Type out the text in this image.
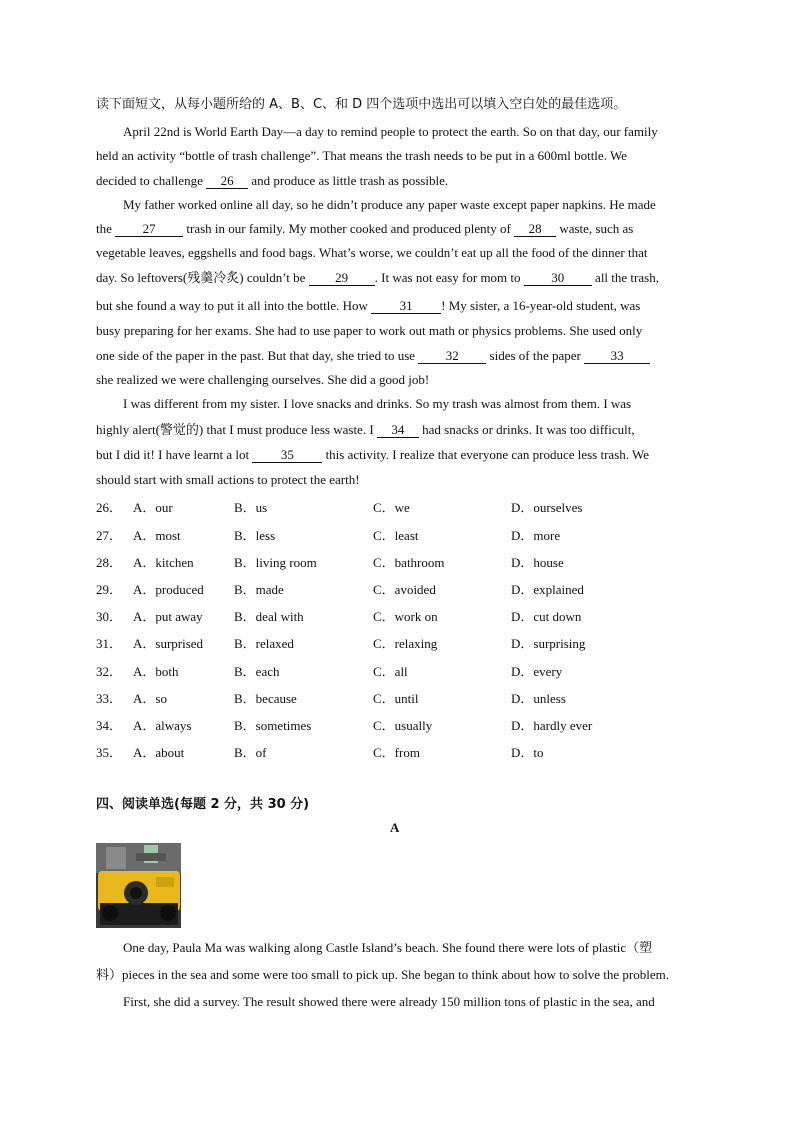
读下面短文，从每小题所给的 A、B、C、和 D 四个选项中选出可以填入空白处的最佳选项。
April 22nd is World Earth Day—a day to remind people to protect the earth. So on that day, our family
held an activity “bottle of trash challenge”. That means the trash needs to be put in a 600ml bottle. We
decided to challenge 26 and produce as little trash as possible.
My father worked online all day, so he didn’t produce any paper waste except paper napkins. He made
the 27 trash in our family. My mother cooked and produced plenty of 28 waste, such as
vegetable leaves, eggshells and food bags. What’s worse, we couldn’t eat up all the food of the dinner that
day. So leftovers(残羹冷炙) couldn’t be 29 . It was not easy for mom to 30 all the trash,
but she found a way to put it all into the bottle. How 31 ! My sister, a 16-year-old student, was
busy preparing for her exams. She had to use paper to work out math or physics problems. She used only
one side of the paper in the past. But that day, she tried to use 32 sides of the paper 33
she realized we were challenging ourselves. She did a good job!
I was different from my sister. I love snacks and drinks. So my trash was almost from them. I was
highly alert(警觉的) that I must produce less waste. I 34 had snacks or drinks. It was too difficult,
but I did it! I have learnt a lot 35 this activity. I realize that everyone can produce less trash. We
should start with small actions to protect the earth!
26． A．our	B．us	C．we	D．ourselves
27． A．most	B．less	C．least	D．more
28． A．kitchen	B．living room	C．bathroom	D．house
29． A．produced B．made	C．avoided	D．explained
30． A．put away B．deal with	C．work on	D．cut down
31． A．surprised B．relaxed	C．relaxing	D．surprising
32． A．both	B．each	C．all	D．every
33． A．so	B．because	C．until	D．unless
34． A．always	B．sometimes	C．usually	D．hardly ever
35． A．about	B．of	C．from	D．to
四、阅读单选(每题 2 分，共 30 分)
A
One day, Paula Ma was walking along Castle Island’s beach. She found there were lots of plastic（塑
料）pieces in the sea and some were too small to pick up. She began to think about how to solve the problem.
First, she did a survey. The result showed there were already 150 million tons of plastic in the sea, and
